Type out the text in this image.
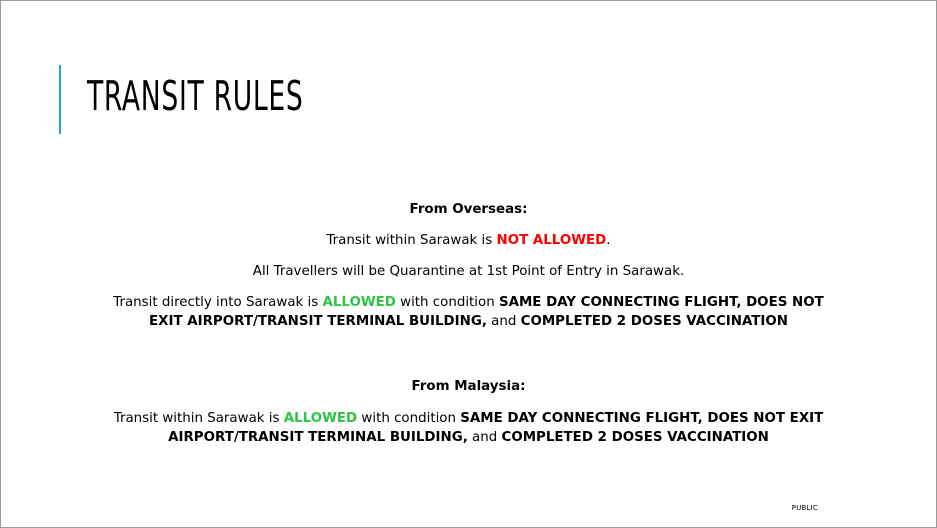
TRANSIT RULES
From Overseas:
Transit within Sarawak is NOT ALLOWED.
All Travellers will be Quarantine at 1st Point of Entry in Sarawak.
Transit directly into Sarawak is ALLOWED with condition SAME DAY CONNECTING FLIGHT, DOES NOT
EXIT AIRPORT/TRANSIT TERMINAL BUILDING, and COMPLETED 2 DOSES VACCINATION
From Malaysia:
Transit within Sarawak is ALLOWED with condition SAME DAY CONNECTING FLIGHT, DOES NOT EXIT
AIRPORT/TRANSIT TERMINAL BUILDING, and COMPLETED 2 DOSES VACCINATION
PUBLIC
